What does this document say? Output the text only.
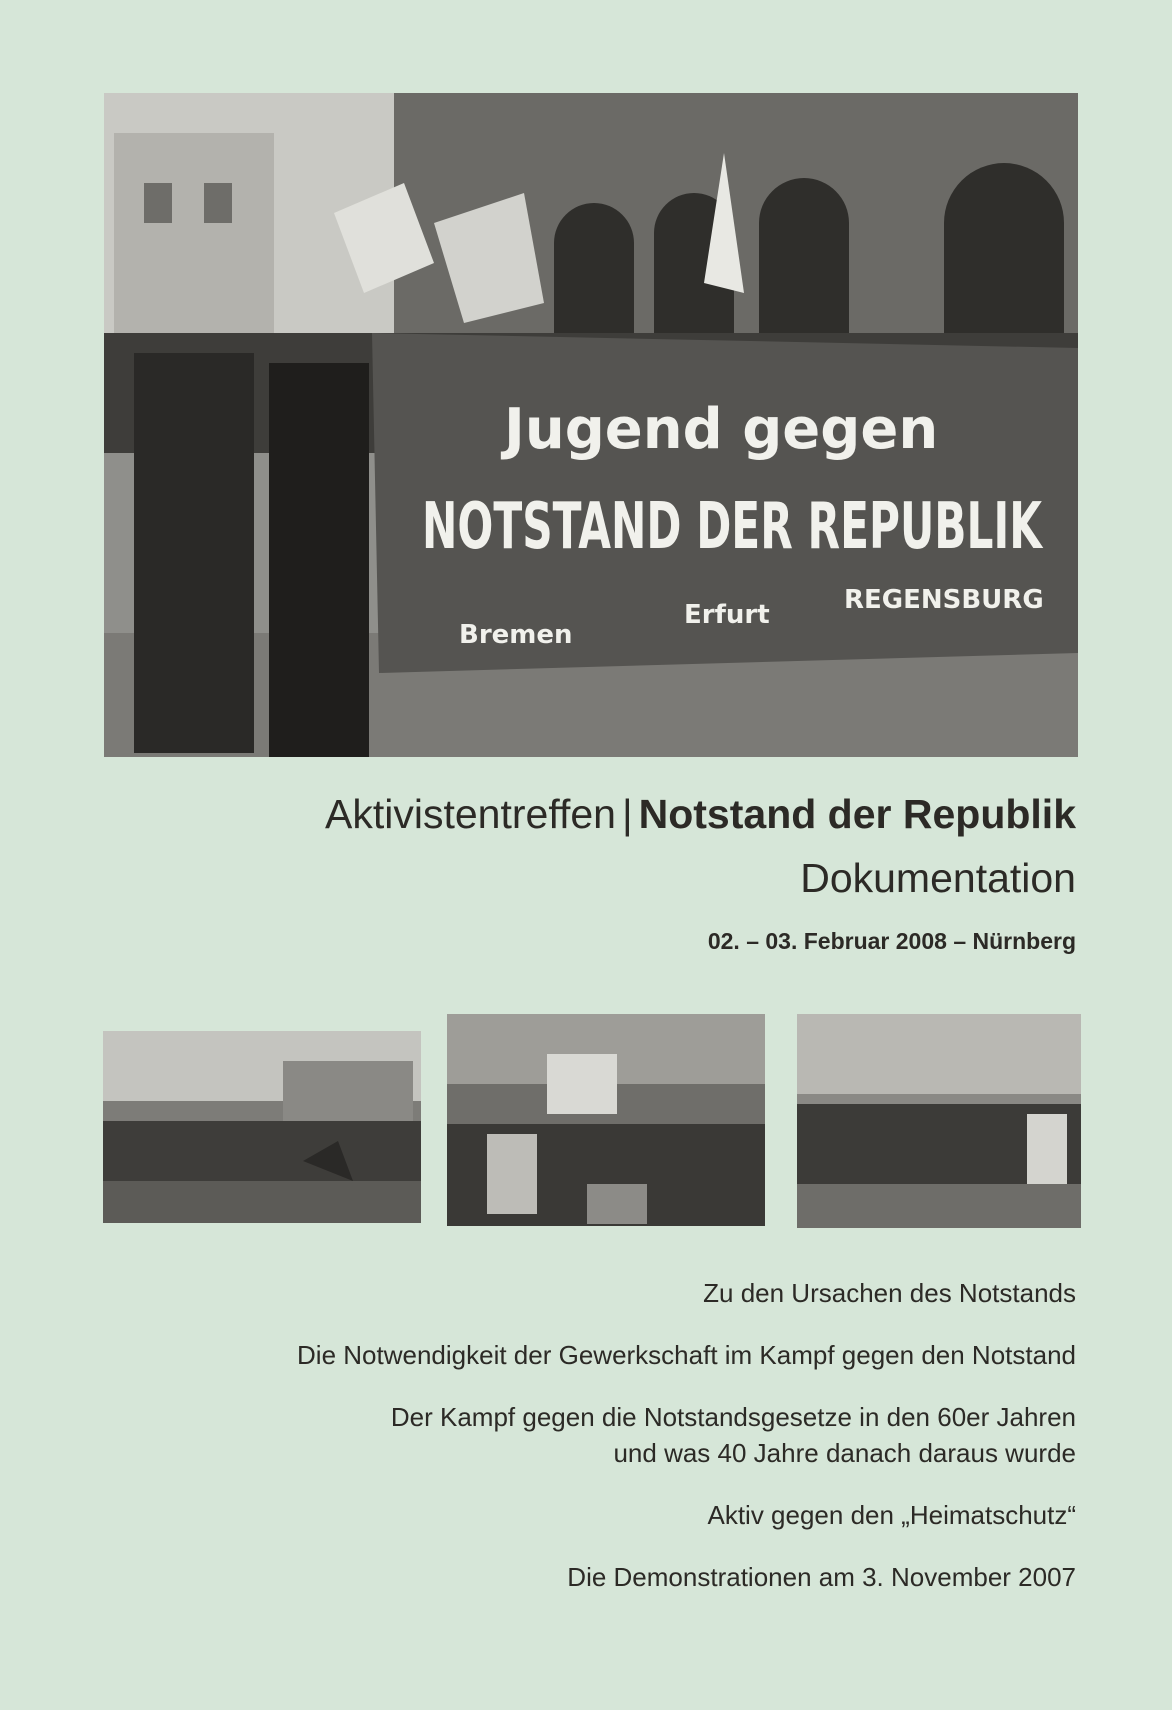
Jugend gegen
NOTSTAND DER REPUBLIK
Bremen
Erfurt	REGENSBURG
Aktivistentreffen | Notstand der Republik
Dokumentation
02. – 03. Februar 2008 – Nürnberg
Zu den Ursachen des Notstands
Die Notwendigkeit der Gewerkschaft im Kampf gegen den Notstand
Der Kampf gegen die Notstandsgesetze in den 60er Jahren
und was 40 Jahre danach daraus wurde
Aktiv gegen den „Heimatschutz“
Die Demonstrationen am 3. November 2007
